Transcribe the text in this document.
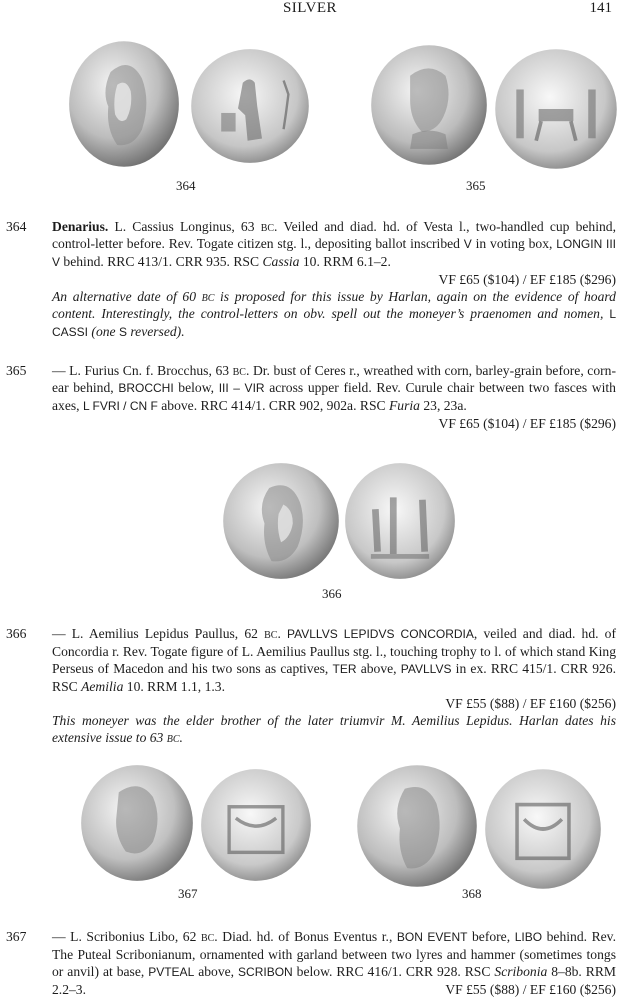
SILVER	141
364	365
364 Denarius. L. Cassius Longinus, 63 bc. Veiled and diad. hd. of Vesta l., two-handled cup behind, control-letter before. Rev. Togate citizen stg. l., depositing ballot inscribed V in voting box, LONGIN III V behind. RRC 413/1. CRR 935. RSC Cassia 10. RRM 6.1–2.

VF £65 ($104) / EF £185 ($296)

An alternative date of 60 bc is proposed for this issue by Harlan, again on the evidence of hoard content. Interestingly, the control-letters on obv. spell out the moneyer’s praenomen and nomen, L CASSI (one S reversed).

365 — L. Furius Cn. f. Brocchus, 63 bc. Dr. bust of Ceres r., wreathed with corn, barley-grain before, corn-ear behind, BROCCHI below, III – VIR across upper field. Rev. Curule chair between two fasces with axes, L FVRI / CN F above. RRC 414/1. CRR 902, 902a. RSC Furia 23, 23a.

VF £65 ($104) / EF £185 ($296)

366
366 — L. Aemilius Lepidus Paullus, 62 bc. PAVLLVS LEPIDVS CONCORDIA, veiled and diad. hd. of Concordia r. Rev. Togate figure of L. Aemilius Paullus stg. l., touching trophy to l. of which stand King Perseus of Macedon and his two sons as captives, TER above, PAVLLVS in ex. RRC 415/1. CRR 926. RSC Aemilia 10. RRM 1.1, 1.3.

VF £55 ($88) / EF £160 ($256)

This moneyer was the elder brother of the later triumvir M. Aemilius Lepidus. Harlan dates his extensive issue to 63 bc.

367	368
367 — L. Scribonius Libo, 62 bc. Diad. hd. of Bonus Eventus r., BON EVENT before, LIBO behind. Rev. The Puteal Scribonianum, ornamented with garland between two lyres and hammer (sometimes tongs or anvil) at base, PVTEAL above, SCRIBON below. RRC 416/1. CRR 928. RSC Scribonia 8–8b. RRM 2.2–3.	VF £55 ($88) / EF £160 ($256)
